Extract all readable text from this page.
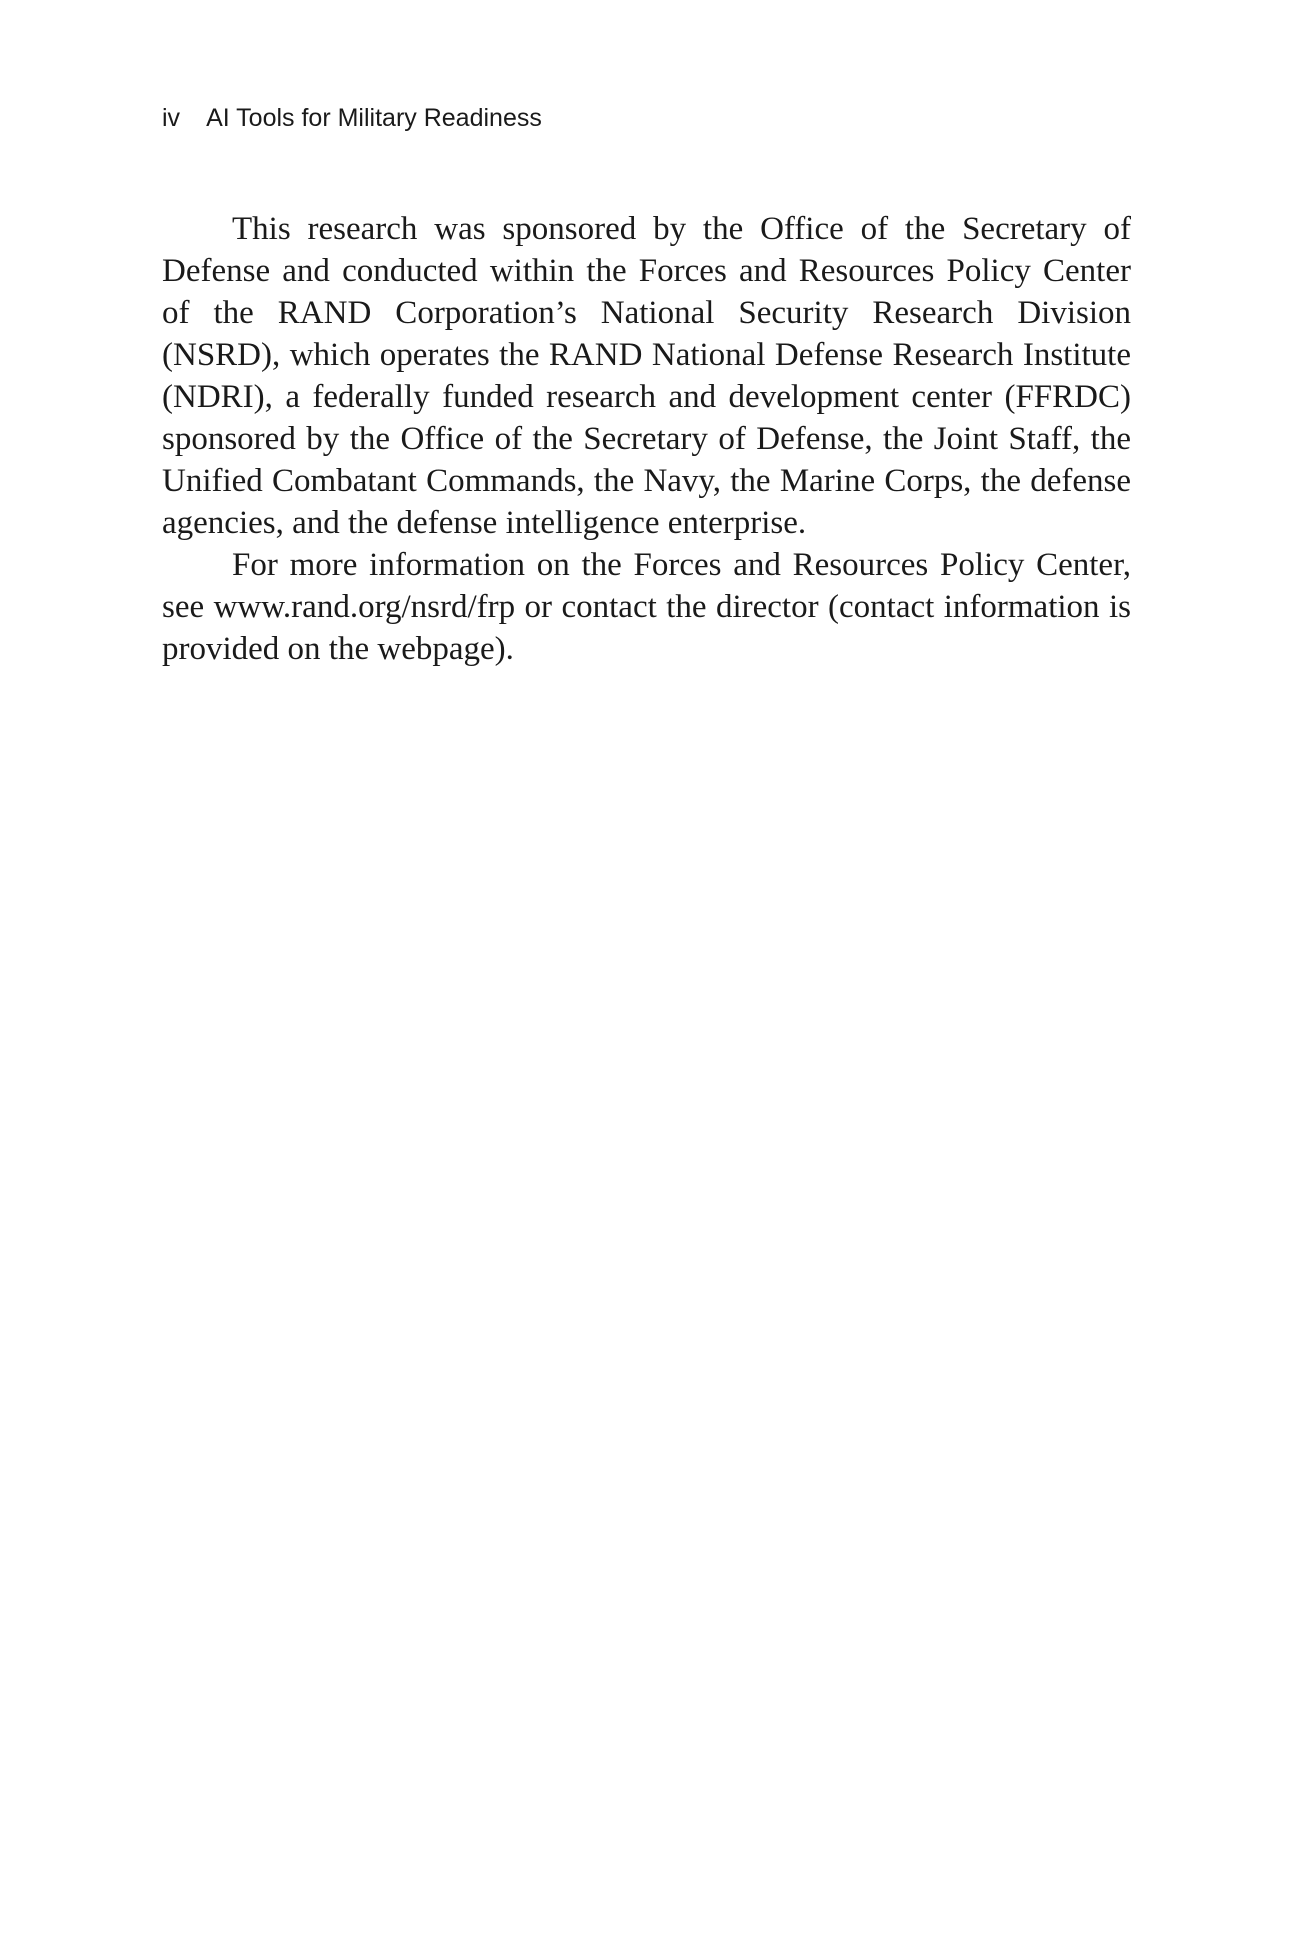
iv AI Tools for Military Readiness

This research was sponsored by the Office of the Secretary of Defense and conducted within the Forces and Resources Policy Center of the RAND Corporation’s National Security Research Division (NSRD), which operates the RAND National Defense Research Institute (NDRI), a federally funded research and development center (FFRDC) sponsored by the Office of the Secretary of Defense, the Joint Staff, the Unified Combatant Commands, the Navy, the Marine Corps, the defense agencies, and the defense intelligence enterprise.

For more information on the Forces and Resources Policy Center, see www.rand.org/nsrd/frp or contact the director (contact information is provided on the webpage).
